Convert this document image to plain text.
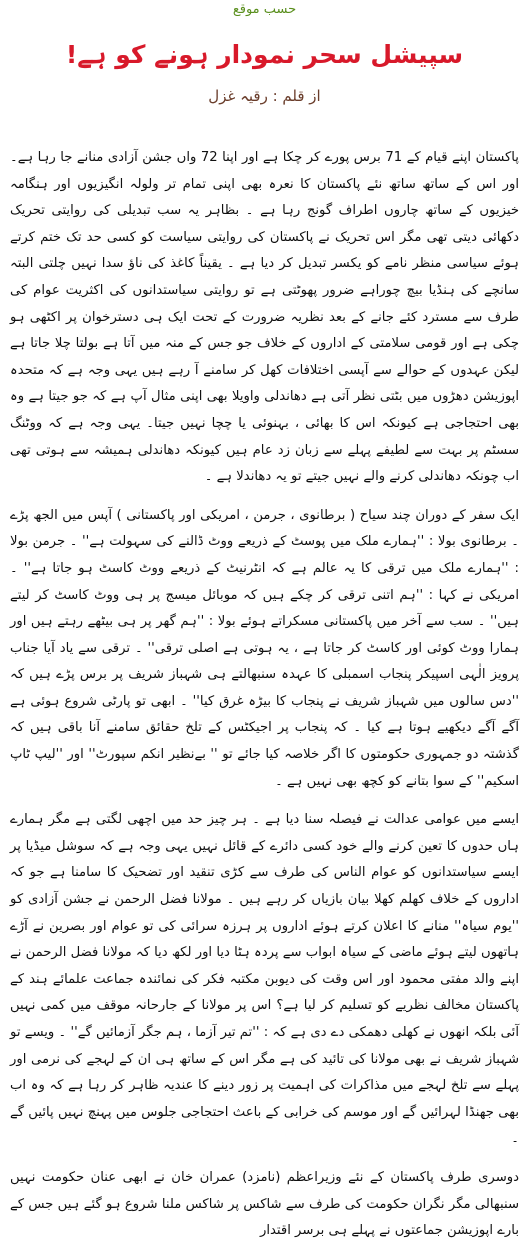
حسب موقع
سپیشل سحر نمودار ہونے کو ہے!
از قلم : رقیہ غزل

پاکستان اپنے قیام کے 71 برس پورے کر چکا ہے اور اپنا 72 واں جشن آزادی منانے جا رہا ہے۔ اور اس کے ساتھ ساتھ نئے پاکستان کا نعرہ بھی اپنی تمام تر ولولہ انگیزیوں اور ہنگامہ خیزیوں کے ساتھ چاروں اطراف گونج رہا ہے ۔ بظاہر یہ سب تبدیلی کی روایتی تحریک دکھائی دیتی تھی مگر اس تحریک نے پاکستان کی روایتی سیاست کو کسی حد تک ختم کرتے ہوئے سیاسی منظر نامے کو یکسر تبدیل کر دیا ہے ۔ یقیناً کاغذ کی ناؤ سدا نہیں چلتی البتہ سانچے کی ہنڈیا بیچ چوراہے ضرور پھوٹتی ہے تو روایتی سیاستدانوں کی اکثریت عوام کی طرف سے مسترد کئے جانے کے بعد نظریہ ضرورت کے تحت ایک ہی دسترخوان پر اکٹھی ہو چکی ہے اور قومی سلامتی کے اداروں کے خلاف جو جس کے منہ میں آتا ہے بولتا چلا جاتا ہے لیکن عہدوں کے حوالے سے آپسی اختلافات کھل کر سامنے آ رہے ہیں یہی وجہ ہے کہ متحدہ اپوزیشن دھڑوں میں بٹتی نظر آتی ہے دھاندلی واویلا بھی اپنی مثال آپ ہے کہ جو جیتا ہے وہ بھی احتجاجی ہے کیونکہ اس کا بھائی ، بہنوئی یا چچا نہیں جیتا۔ یہی وجہ ہے کہ ووٹنگ سسٹم پر بہت سے لطیفے پہلے سے زبان زد عام ہیں کیونکہ دھاندلی ہمیشہ سے ہوتی تھی اب چونکہ دھاندلی کرنے والے نہیں جیتے تو یہ دھاندلا ہے ۔

ایک سفر کے دوران چند سیاح ( برطانوی ، جرمن ، امریکی اور پاکستانی ) آپس میں الجھ پڑے ۔ برطانوی بولا : ''ہمارے ملک میں پوسٹ کے ذریعے ووٹ ڈالنے کی سہولت ہے'' ۔ جرمن بولا : ''ہمارے ملک میں ترقی کا یہ عالم ہے کہ انٹرنیٹ کے ذریعے ووٹ کاسٹ ہو جاتا ہے'' ۔ امریکی نے کہا : ''ہم اتنی ترقی کر چکے ہیں کہ موبائل میسج پر ہی ووٹ کاسٹ کر لیتے ہیں'' ۔ سب سے آخر میں پاکستانی مسکراتے ہوئے بولا : ''ہم گھر پر ہی بیٹھے رہتے ہیں اور ہمارا ووٹ کوئی اور کاسٹ کر جاتا ہے ، یہ ہوتی ہے اصلی ترقی'' ۔ ترقی سے یاد آیا جناب پرویز الٰہی اسپیکر پنجاب اسمبلی کا عہدہ سنبھالتے ہی شہباز شریف پر برس پڑے ہیں کہ ''دس سالوں میں شہباز شریف نے پنجاب کا بیڑہ غرق کیا'' ۔ ابھی تو پارٹی شروع ہوئی ہے آگے آگے دیکھیے ہوتا ہے کیا ۔ کہ پنجاب پر اجیکٹس کے تلخ حقائق سامنے آنا باقی ہیں کہ گذشتہ دو جمہوری حکومتوں کا اگر خلاصہ کیا جائے تو '' بےنظیر انکم سپورٹ'' اور ''لیپ ٹاپ اسکیم'' کے سوا بتانے کو کچھ بھی نہیں ہے ۔

ایسے میں عوامی عدالت نے فیصلہ سنا دیا ہے ۔ ہر چیز حد میں اچھی لگتی ہے مگر ہمارے ہاں حدوں کا تعین کرنے والے خود کسی دائرے کے قائل نہیں یہی وجہ ہے کہ سوشل میڈیا پر ایسے سیاستدانوں کو عوام الناس کی طرف سے کڑی تنقید اور تضحیک کا سامنا ہے جو کہ اداروں کے خلاف کھلم کھلا بیان بازیاں کر رہے ہیں ۔ مولانا فضل الرحمن نے جشن آزادی کو ''یوم سیاہ'' منانے کا اعلان کرتے ہوئے اداروں پر ہرزہ سرائی کی تو عوام اور بصرین نے آڑے ہاتھوں لیتے ہوئے ماضی کے سیاہ ابواب سے پردہ ہٹا دیا اور لکھ دیا کہ مولانا فضل الرحمن نے اپنے والد مفتی محمود اور اس وقت کی دیوبن مکتبہ فکر کی نمائندہ جماعت علمائے ہند کے پاکستان مخالف نظریے کو تسلیم کر لیا ہے؟ اس پر مولانا کے جارحانہ موقف میں کمی نہیں آئی بلکہ انھوں نے کھلی دھمکی دے دی ہے کہ : ''تم تیر آزما ، ہم جگر آزمائیں گے'' ۔ ویسے تو شہباز شریف نے بھی مولانا کی تائید کی ہے مگر اس کے ساتھ ہی ان کے لہجے کی نرمی اور پہلے سے تلخ لہجے میں مذاکرات کی اہمیت پر زور دینے کا عندیہ ظاہر کر رہا ہے کہ وہ اب بھی جھنڈا لہرائیں گے اور موسم کی خرابی کے باعث احتجاجی جلوس میں پہنچ نہیں پائیں گے ۔

دوسری طرف پاکستان کے نئے وزیراعظم (نامزد) عمران خان نے ابھی عنان حکومت نہیں سنبھالی مگر نگران حکومت کی طرف سے شاکس پر شاکس ملنا شروع ہو گئے ہیں جس کے بارے اپوزیشن جماعتوں نے پہلے ہی برسر اقتدار
